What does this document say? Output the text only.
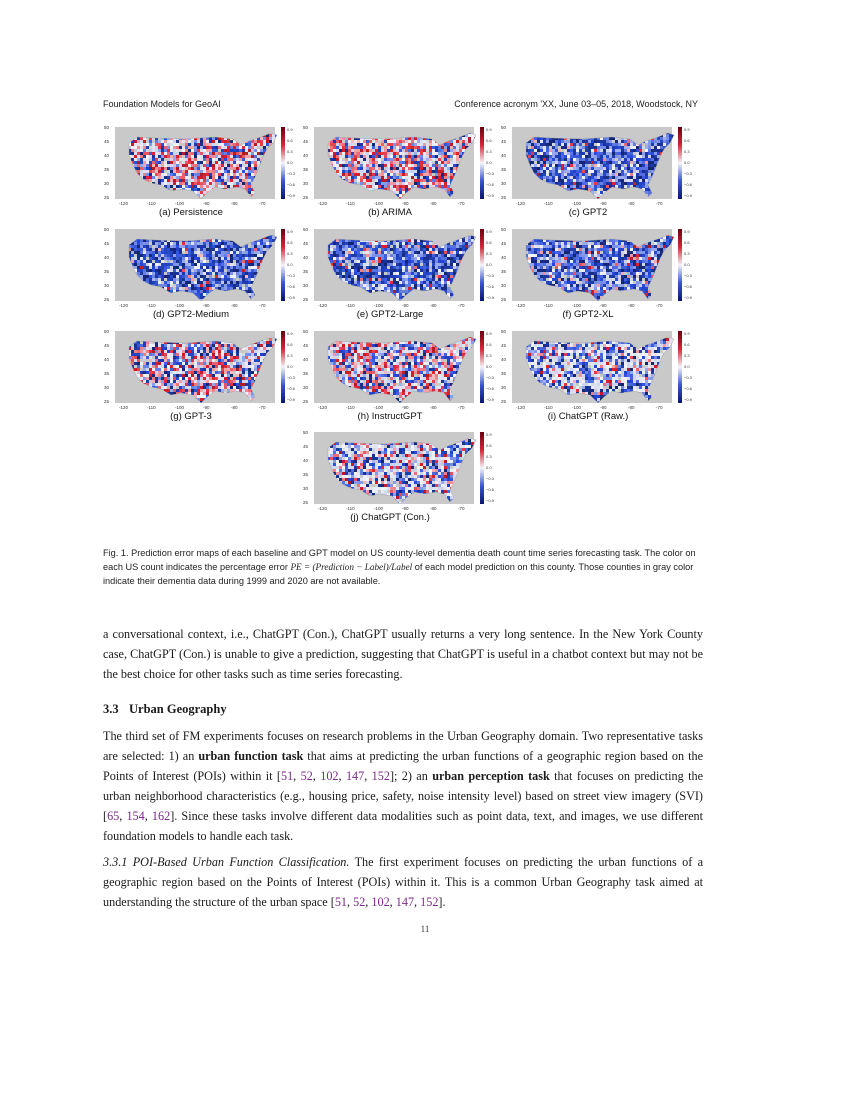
Foundation Models for GeoAI	Conference acronym 'XX, June 03–05, 2018, Woodstock, NY
50
45
40
35
30
25
-120	-110	-100	-90	-80	-70
0.9
0.6
0.3
0.0
−0.3
−0.6
−0.9
(a) Persistence
50
45
40
35
30
25
-120	-110	-100	-90	-80	-70
0.9
0.6
0.3
0.0
−0.3
−0.6
−0.9
(b) ARIMA
50
45
40
35
30
25
-120	-110	-100	-90	-80	-70
0.9
0.6
0.3
0.0
−0.3
−0.6
−0.9
(c) GPT2
50
45
40
35
30
25
-120	-110	-100	-90	-80	-70
0.9
0.6
0.3
0.0
−0.3
−0.6
−0.9
(d) GPT2-Medium
50
45
40
35
30
25
-120	-110	-100	-90	-80	-70
0.9
0.6
0.3
0.0
−0.3
−0.6
−0.9
(e) GPT2-Large
50
45
40
35
30
25
-120	-110	-100	-90	-80	-70
0.9
0.6
0.3
0.0
−0.3
−0.6
−0.9
(f) GPT2-XL
50
45
40
35
30
25
-120	-110	-100	-90	-80	-70
0.9
0.6
0.3
0.0
−0.3
−0.6
−0.9
(g) GPT-3
50
45
40
35
30
25
-120	-110	-100	-90	-80	-70
0.9
0.6
0.3
0.0
−0.3
−0.6
−0.9
(h) InstructGPT
50
45
40
35
30
25
-120	-110	-100	-90	-80	-70
0.9
0.6
0.3
0.0
−0.3
−0.6
−0.9
(i) ChatGPT (Raw.)
50
45
40
35
30
25
-120	-110	-100	-90	-80	-70
0.9
0.6
0.3
0.0
−0.3
−0.6
−0.9
(j) ChatGPT (Con.)
Fig. 1. Prediction error maps of each baseline and GPT model on US county-level dementia death count time series forecasting task. The color on each US count indicates the percentage error PE = (Prediction − Label)/Label of each model prediction on this county. Those counties in gray color indicate their dementia data during 1999 and 2020 are not available.
a conversational context, i.e., ChatGPT (Con.), ChatGPT usually returns a very long sentence. In the New York County case, ChatGPT (Con.) is unable to give a prediction, suggesting that ChatGPT is useful in a chatbot context but may not be the best choice for other tasks such as time series forecasting.
3.3 Urban Geography
The third set of FM experiments focuses on research problems in the Urban Geography domain. Two representative tasks are selected: 1) an urban function task that aims at predicting the urban functions of a geographic region based on the Points of Interest (POIs) within it [51, 52, 102, 147, 152]; 2) an urban perception task that focuses on predicting the urban neighborhood characteristics (e.g., housing price, safety, noise intensity level) based on street view imagery (SVI) [65, 154, 162]. Since these tasks involve different data modalities such as point data, text, and images, we use different foundation models to handle each task.
3.3.1 POI-Based Urban Function Classification. The first experiment focuses on predicting the urban functions of a geographic region based on the Points of Interest (POIs) within it. This is a common Urban Geography task aimed at understanding the structure of the urban space [51, 52, 102, 147, 152].
11
